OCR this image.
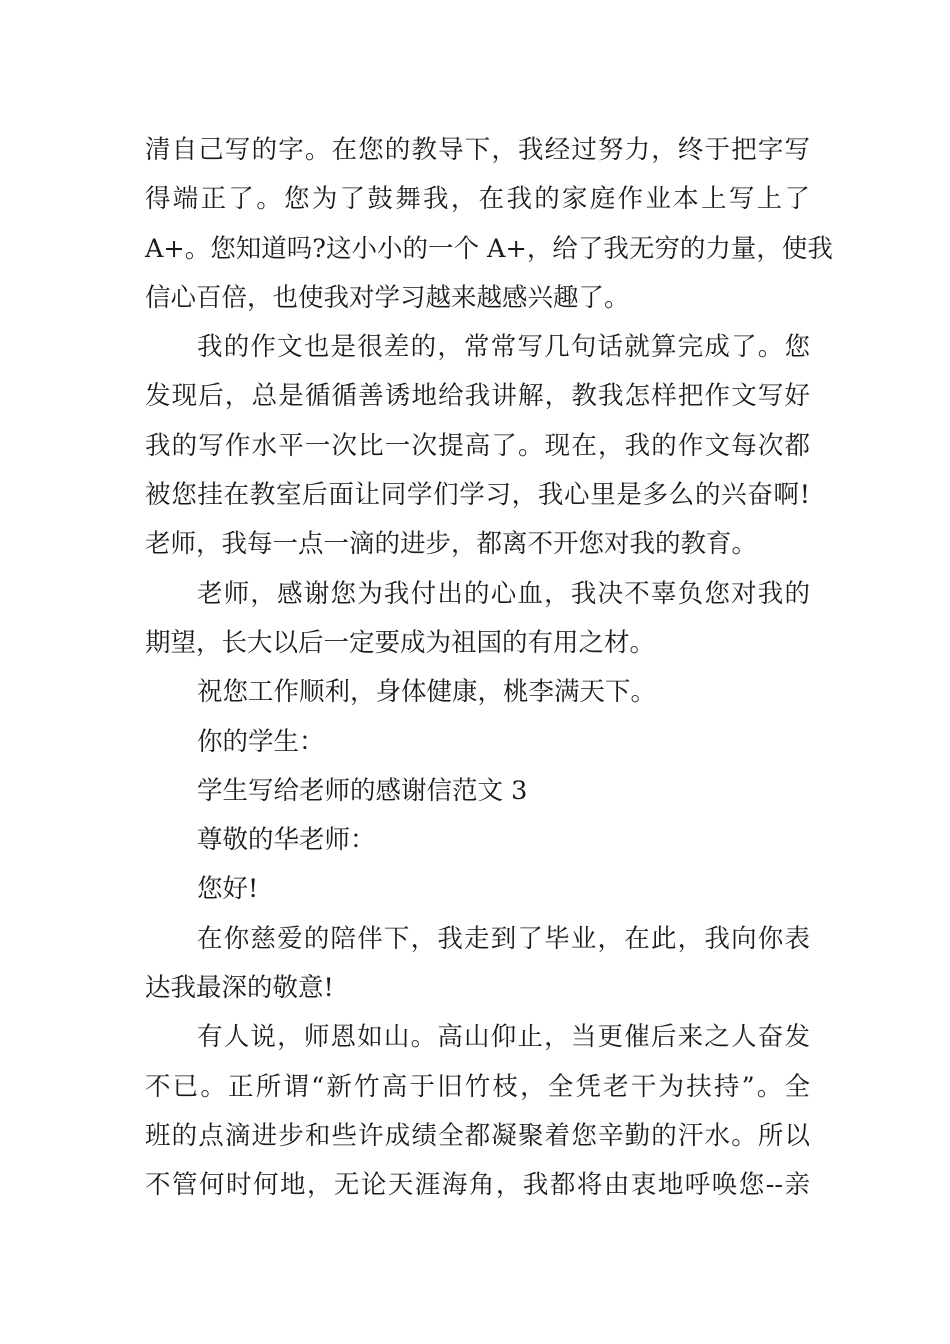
清自己写的字。在您的教导下，我经过努力，终于把字写
得端正了。您为了鼓舞我，在我的家庭作业本上写上了
A+。您知道吗?这小小的一个 A+，给了我无穷的力量，使我
信心百倍，也使我对学习越来越感兴趣了。
我的作文也是很差的，常常写几句话就算完成了。您
发现后，总是循循善诱地给我讲解，教我怎样把作文写好
我的写作水平一次比一次提高了。现在，我的作文每次都
被您挂在教室后面让同学们学习，我心里是多么的兴奋啊!
老师，我每一点一滴的进步，都离不开您对我的教育。
老师，感谢您为我付出的心血，我决不辜负您对我的
期望，长大以后一定要成为祖国的有用之材。
祝您工作顺利，身体健康，桃李满天下。
你的学生：
学生写给老师的感谢信范文 3
尊敬的华老师：
您好!
在你慈爱的陪伴下，我走到了毕业，在此，我向你表
达我最深的敬意!
有人说，师恩如山。高山仰止，当更催后来之人奋发
不已。正所谓“新竹高于旧竹枝，全凭老干为扶持”。全
班的点滴进步和些许成绩全都凝聚着您辛勤的汗水。所以
不管何时何地，无论天涯海角，我都将由衷地呼唤您--亲
